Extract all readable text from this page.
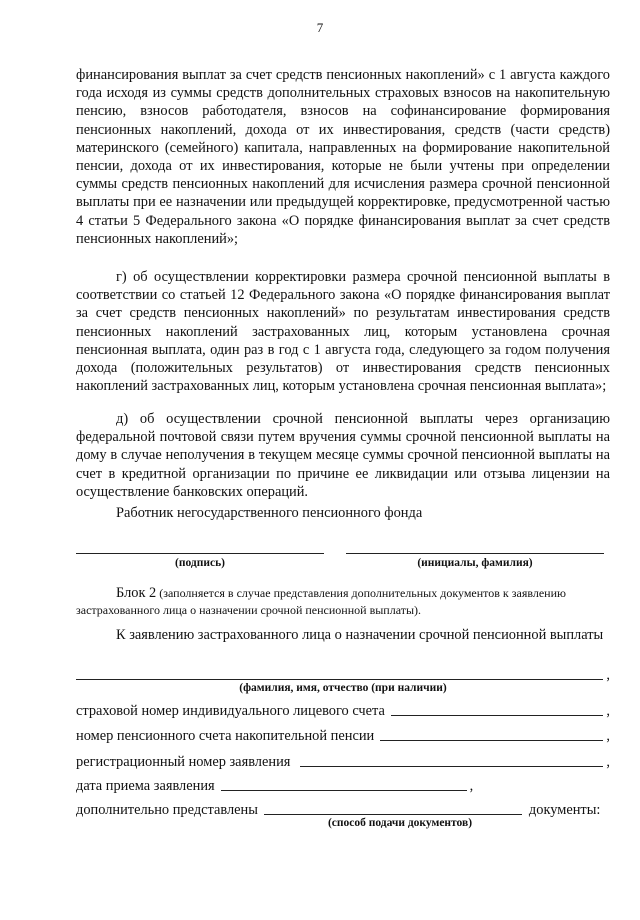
7

финансирования выплат за счет средств пенсионных накоплений» с 1 августа каждого года исходя из суммы средств дополнительных страховых взносов на накопительную пенсию, взносов работодателя, взносов на софинансирование формирования пенсионных накоплений, дохода от их инвестирования, средств (части средств) материнского (семейного) капитала, направленных на формирование накопительной пенсии, дохода от их инвестирования, которые не были учтены при определении суммы средств пенсионных накоплений для исчисления размера срочной пенсионной выплаты при ее назначении или предыдущей корректировке, предусмотренной частью 4 статьи 5 Федерального закона «О порядке финансирования выплат за счет средств пенсионных накоплений»;

г) об осуществлении корректировки размера срочной пенсионной выплаты в соответствии со статьей 12 Федерального закона «О порядке финансирования выплат за счет средств пенсионных накоплений» по результатам инвестирования средств пенсионных накоплений застрахованных лиц, которым установлена срочная пенсионная выплата, один раз в год с 1 августа года, следующего за годом получения дохода (положительных результатов) от инвестирования средств пенсионных накоплений застрахованных лиц, которым установлена срочная пенсионная выплата»;

д) об осуществлении срочной пенсионной выплаты через организацию федеральной почтовой связи путем вручения суммы срочной пенсионной выплаты на дому в случае неполучения в текущем месяце суммы срочной пенсионной выплаты на счет в кредитной организации по причине ее ликвидации или отзыва лицензии на осуществление банковских операций.

Работник негосударственного пенсионного фонда
(подпись)	(инициалы, фамилия)

Блок 2 (заполняется в случае представления дополнительных документов к заявлению застрахованного лица о назначении срочной пенсионной выплаты).

К заявлению застрахованного лица о назначении срочной пенсионной выплаты

,
(фамилия, имя, отчество (при наличии)
страховой номер индивидуального лицевого счета	,
номер пенсионного счета накопительной пенсии	,
регистрационный номер заявления	,
дата приема заявления	,
дополнительно представлены	документы:
(способ подачи документов)
